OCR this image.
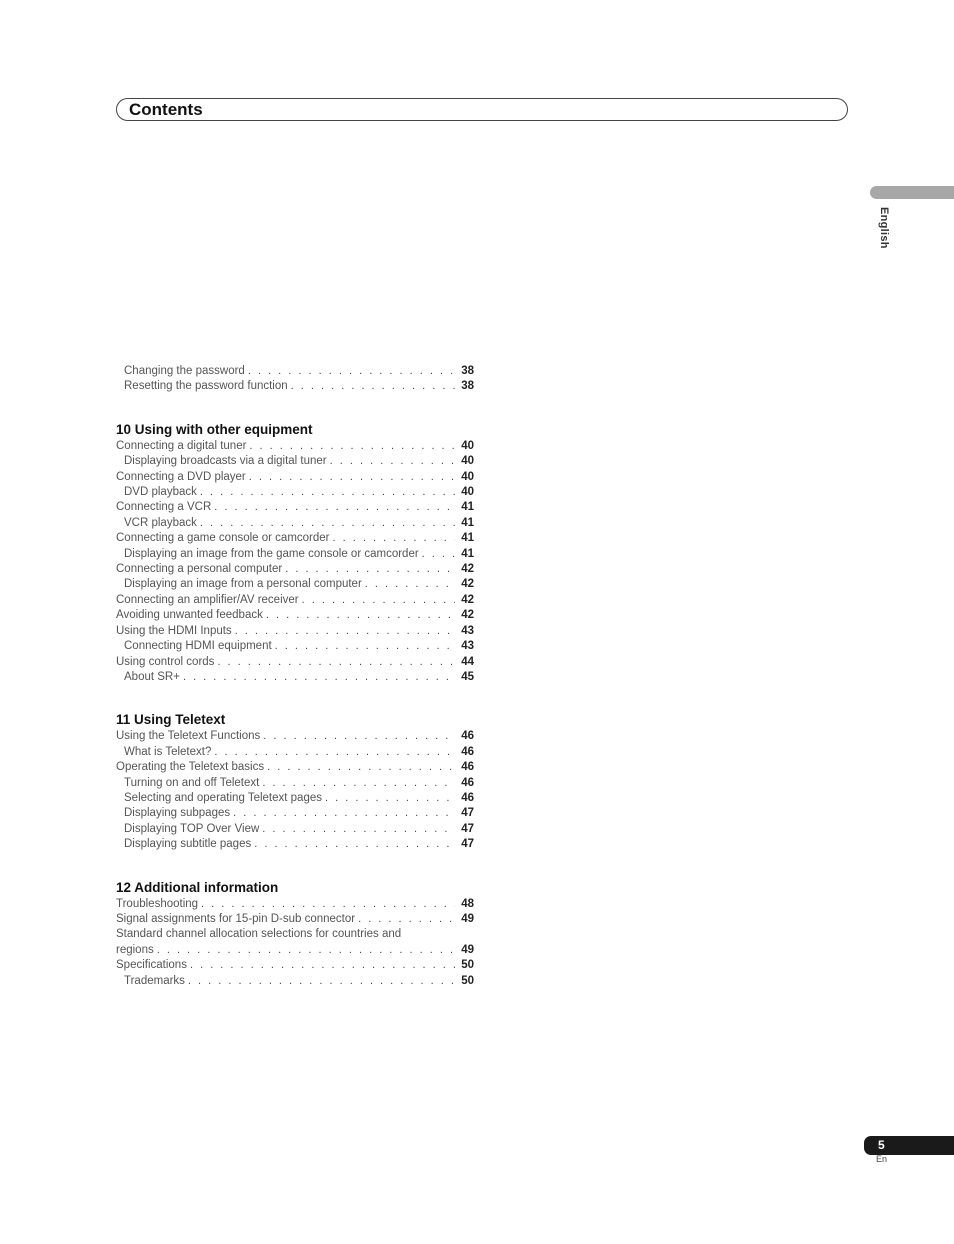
Contents
English
Changing the password . . .	38
Resetting the password function . . .	38
10 Using with other equipment
Connecting a digital tuner . . .	40
Displaying broadcasts via a digital tuner . . .	40
Connecting a DVD player . . .	40
DVD playback . . .	40
Connecting a VCR . . .	41
VCR playback . . .	41
Connecting a game console or camcorder . . .	41
Displaying an image from the game console or camcorder . . .	41
Connecting a personal computer . . .	42
Displaying an image from a personal computer . . .	42
Connecting an amplifier/AV receiver . . .	42
Avoiding unwanted feedback . . .	42
Using the HDMI Inputs . . .	43
Connecting HDMI equipment . . .	43
Using control cords . . .	44
About SR+ . . .	45
11 Using Teletext
Using the Teletext Functions . . .	46
What is Teletext? . . .	46
Operating the Teletext basics . . .	46
Turning on and off Teletext . . .	46
Selecting and operating Teletext pages . . .	46
Displaying subpages . . .	47
Displaying TOP Over View . . .	47
Displaying subtitle pages . . .	47
12 Additional information
Troubleshooting . . .	48
Signal assignments for 15-pin D-sub connector . . .	49
Standard channel allocation selections for countries and
regions . . .	49
Specifications . . .	50
Trademarks . . .	50
5
En
